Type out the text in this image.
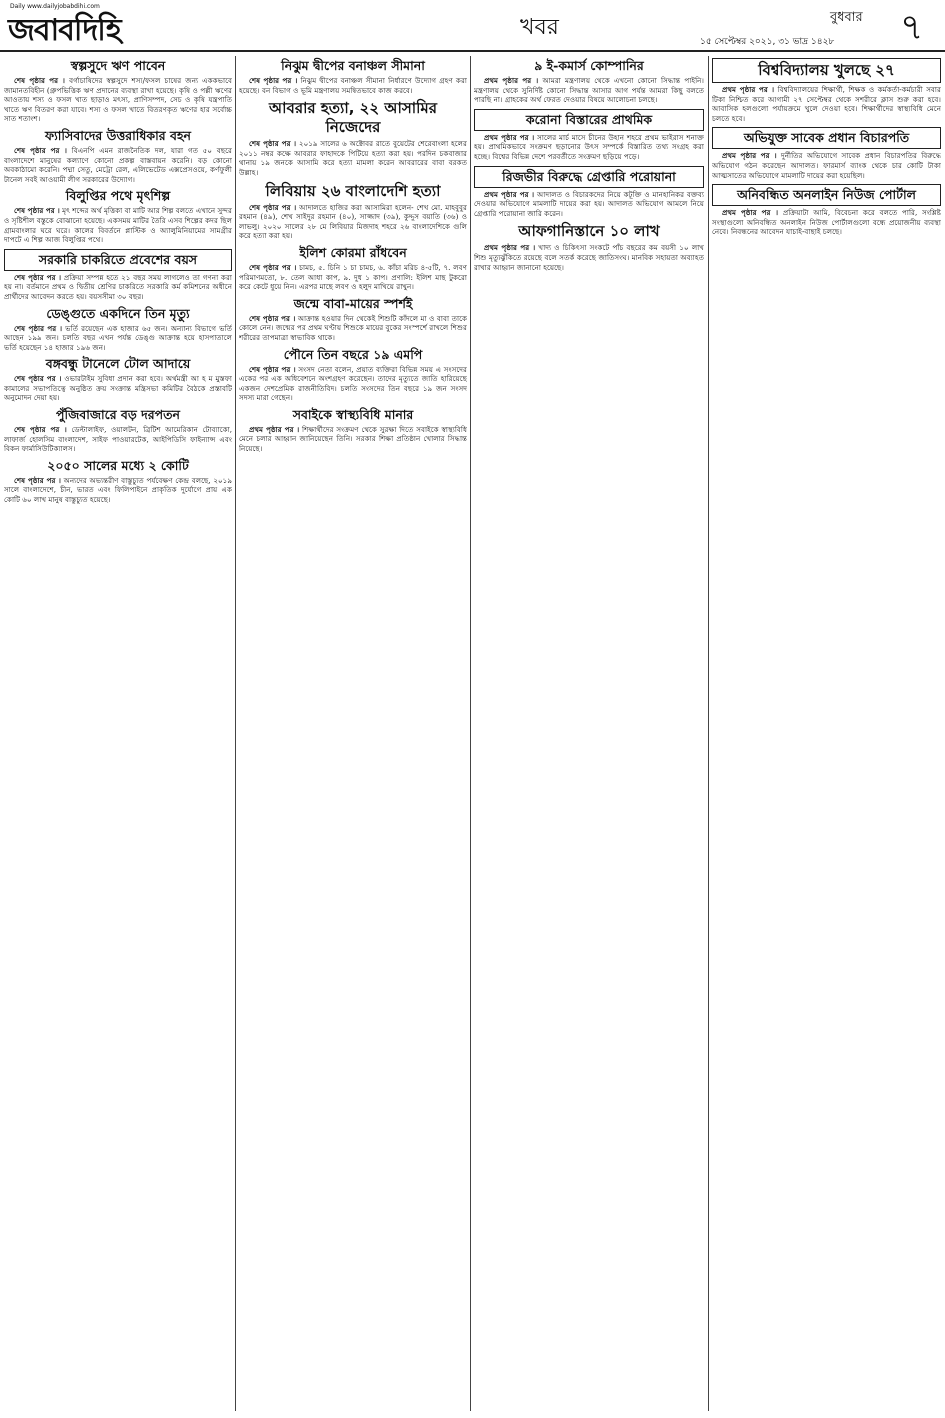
Daily www.dailyjobabdihi.com
জবাবদিহি	খবর	বুধবার ৭
১৫ সেপ্টেম্বর ২০২১, ৩১ ভাদ্র ১৪২৮
স্বল্পসুদে ঋণ পাবেন

শেষ পৃষ্ঠার পর । বর্গাচাষিদের স্বল্পসুদে শস্য/ফসল চাষের জন্য এককভাবে জামানতবিহীন (গ্রুপভিত্তিক ঋণ প্রদানের ব্যবস্থা রাখা হয়েছে। কৃষি ও পল্লী ঋণের আওতায় শস্য ও ফসল খাত ছাড়াও মৎস্য, প্রাণিসম্পদ, সেচ ও কৃষি যন্ত্রপাতি খাতে ঋণ বিতরণ করা যাবে। শস্য ও ফসল খাতে বিতরণকৃত ঋণের হার সর্বোচ্চ সাত শতাংশ।

ফ্যাসিবাদের উত্তরাধিকার বহন

শেষ পৃষ্ঠার পর । বিএনপি এমন রাজনৈতিক দল, যারা গত ৫০ বছরে বাংলাদেশে মানুষের কল্যাণে কোনো প্রকল্প বাস্তবায়ন করেনি। বড় কোনো অবকাঠামো করেনি। পদ্মা সেতু, মেট্রো রেল, এলিভেটেড এক্সপ্রেসওয়ে, কর্ণফুলী টানেল সবই আওয়ামী লীগ সরকারের উদ্যোগ।

বিলুপ্তির পথে মৃৎশিল্প

শেষ পৃষ্ঠার পর । মৃৎ শব্দের অর্থ মৃত্তিকা বা মাটি আর শিল্প বলতে এখানে সুন্দর ও সৃষ্টিশীল বস্তুকে বোঝানো হয়েছে। একসময় মাটির তৈরি এসব শিল্পের কদর ছিল গ্রামবাংলার ঘরে ঘরে। কালের বিবর্তনে প্লাস্টিক ও অ্যালুমিনিয়ামের সামগ্রীর দাপটে এ শিল্প আজ বিলুপ্তির পথে।

সরকারি চাকরিতে প্রবেশের বয়স

শেষ পৃষ্ঠার পর । প্রক্রিয়া সম্পন্ন হতে ২১ বছর সময় লাগলেও তা গণনা করা হয় না। বর্তমানে প্রথম ও দ্বিতীয় শ্রেণির চাকরিতে সরকারি কর্ম কমিশনের অধীনে প্রার্থীদের আবেদন করতে হয়। বয়সসীমা ৩০ বছর।

ডেঙ্গুতে একদিনে তিন মৃত্যু

শেষ পৃষ্ঠার পর । ভর্তি রয়েছেন এক হাজার ৬৫ জন। অন্যান্য বিভাগে ভর্তি আছেন ১৯৯ জন। চলতি বছর এখন পর্যন্ত ডেঙ্গু আক্রান্ত হয়ে হাসপাতালে ভর্তি হয়েছেন ১৪ হাজার ১৯৬ জন।

বঙ্গবন্ধু টানেলে টোল আদায়ে

শেষ পৃষ্ঠার পর । ওভারটাইম সুবিধা প্রদান করা হবে। অর্থমন্ত্রী আ হ ম মুস্তফা কামালের সভাপতিত্বে অনুষ্ঠিত ক্রয় সংক্রান্ত মন্ত্রিসভা কমিটির বৈঠকে প্রস্তাবটি অনুমোদন দেয়া হয়।

পুঁজিবাজারে বড় দরপতন

শেষ পৃষ্ঠার পর । ডেল্টালাইফ, ওয়ালটন, ব্রিটিশ আমেরিকান টোব্যাকো, লাফার্জ হোলসিম বাংলাদেশ, সাইফ পাওয়ারটেক, আইপিডিসি ফাইন্যান্স এবং বিকন ফার্মাসিউটিক্যালস।

২০৫০ সালের মধ্যে ২ কোটি

শেষ পৃষ্ঠার পর । অন্যদের অভ্যন্তরীণ বাস্তুচ্যুত পর্যবেক্ষণ কেন্দ্র বলছে, ২০১৯ সালে বাংলাদেশে, চীন, ভারত এবং ফিলিপাইনে প্রাকৃতিক দুর্যোগে প্রায় এক কোটি ৬০ লাখ মানুষ বাস্তুচ্যুত হয়েছে।

নিঝুম দ্বীপের বনাঞ্চল সীমানা

শেষ পৃষ্ঠার পর । নিঝুম দ্বীপের বনাঞ্চল সীমানা নির্ধারণে উদ্যোগ গ্রহণ করা হয়েছে। বন বিভাগ ও ভূমি মন্ত্রণালয় সমন্বিতভাবে কাজ করবে।

আবরার হত্যা, ২২ আসামির নিজেদের

শেষ পৃষ্ঠার পর । ২০১৯ সালের ৬ অক্টোবর রাতে বুয়েটের শেরেবাংলা হলের ২০১১ নম্বর কক্ষে আবরার ফাহাদকে পিটিয়ে হত্যা করা হয়। পরদিন চকবাজার থানায় ১৯ জনকে আসামি করে হত্যা মামলা করেন আবরারের বাবা বরকত উল্লাহ।

লিবিয়ায় ২৬ বাংলাদেশি হত্যা

শেষ পৃষ্ঠার পর । আদালতে হাজির করা আসামিরা হলেন- শেখ মো. মাহবুবুর রহমান (৪৯), শেখ সাইদুর রহমান (৪০), সাজ্জাদ (৩৯), কুদ্দুস বয়াতি (৩৬) ও লাভলু। ২০২০ সালের ২৮ মে লিবিয়ার মিজদাহ শহরে ২৬ বাংলাদেশিকে গুলি করে হত্যা করা হয়।

ইলিশ কোরমা রাঁধবেন

শেষ পৃষ্ঠার পর । চামচ, ৫. চিনি ১ চা চামচ, ৬. কাঁচা মরিচ ৪-৫টি, ৭. লবণ পরিমাণমতো, ৮. তেল আধা কাপ, ৯. দুধ ১ কাপ। প্রণালি: ইলিশ মাছ টুকরো করে কেটে ধুয়ে নিন। এরপর মাছে লবণ ও হলুদ মাখিয়ে রাখুন।

জন্মে বাবা-মায়ের স্পর্শই

শেষ পৃষ্ঠার পর । আক্রান্ত হওয়ার দিন থেকেই শিশুটি কাঁদলে মা ও বাবা তাকে কোলে নেন। জন্মের পর প্রথম ঘণ্টায় শিশুকে মায়ের বুকের সংস্পর্শে রাখলে শিশুর শরীরের তাপমাত্রা স্বাভাবিক থাকে।

পৌনে তিন বছরে ১৯ এমপি

শেষ পৃষ্ঠার পর । সংসদ নেতা বলেন, প্রয়াত ব্যক্তিরা বিভিন্ন সময় এ সংসদের একের পর এক অধিবেশনে অংশগ্রহণ করেছেন। তাদের মৃত্যুতে জাতি হারিয়েছে একজন দেশপ্রেমিক রাজনীতিবিদ। চলতি সংসদের তিন বছরে ১৯ জন সংসদ সদস্য মারা গেছেন।

সবাইকে স্বাস্থ্যবিধি মানার

প্রথম পৃষ্ঠার পর । শিক্ষার্থীদের সংক্রমণ থেকে সুরক্ষা দিতে সবাইকে স্বাস্থ্যবিধি মেনে চলার আহ্বান জানিয়েছেন তিনি। সরকার শিক্ষা প্রতিষ্ঠান খোলার সিদ্ধান্ত নিয়েছে।

৯ ই-কমার্স কোম্পানির

প্রথম পৃষ্ঠার পর । আমরা মন্ত্রণালয় থেকে এখনো কোনো সিদ্ধান্ত পাইনি। মন্ত্রণালয় থেকে সুনির্দিষ্ট কোনো সিদ্ধান্ত আসার আগ পর্যন্ত আমরা কিছু বলতে পারছি না। গ্রাহকের অর্থ ফেরত দেওয়ার বিষয়ে আলোচনা চলছে।

করোনা বিস্তারের প্রাথমিক

প্রথম পৃষ্ঠার পর । সালের মার্চ মাসে চীনের উহান শহরে প্রথম ভাইরাস শনাক্ত হয়। প্রাথমিকভাবে সংক্রমণ ছড়ানোর উৎস সম্পর্কে বিস্তারিত তথ্য সংগ্রহ করা হচ্ছে। বিশ্বের বিভিন্ন দেশে পরবর্তীতে সংক্রমণ ছড়িয়ে পড়ে।

রিজভীর বিরুদ্ধে গ্রেপ্তারি পরোয়ানা

প্রথম পৃষ্ঠার পর । আদালত ও বিচারকদের নিয়ে কটূক্তি ও মানহানিকর বক্তব্য দেওয়ার অভিযোগে মামলাটি দায়ের করা হয়। আদালত অভিযোগ আমলে নিয়ে গ্রেপ্তারি পরোয়ানা জারি করেন।

আফগানিস্তানে ১০ লাখ

প্রথম পৃষ্ঠার পর । খাদ্য ও চিকিৎসা সংকটে পাঁচ বছরের কম বয়সী ১০ লাখ শিশু মৃত্যুঝুঁকিতে রয়েছে বলে সতর্ক করেছে জাতিসংঘ। মানবিক সহায়তা অব্যাহত রাখার আহ্বান জানানো হয়েছে।

বিশ্ববিদ্যালয় খুলছে ২৭

প্রথম পৃষ্ঠার পর । বিশ্ববিদ্যালয়ের শিক্ষার্থী, শিক্ষক ও কর্মকর্তা-কর্মচারী সবার টিকা নিশ্চিত করে আগামী ২৭ সেপ্টেম্বর থেকে সশরীরে ক্লাস শুরু করা হবে। আবাসিক হলগুলো পর্যায়ক্রমে খুলে দেওয়া হবে। শিক্ষার্থীদের স্বাস্থ্যবিধি মেনে চলতে হবে।

অভিযুক্ত সাবেক প্রধান বিচারপতি

প্রথম পৃষ্ঠার পর । দুর্নীতির অভিযোগে সাবেক প্রধান বিচারপতির বিরুদ্ধে অভিযোগ গঠন করেছেন আদালত। ফারমার্স ব্যাংক থেকে চার কোটি টাকা আত্মসাতের অভিযোগে মামলাটি দায়ের করা হয়েছিল।

অনিবন্ধিত অনলাইন নিউজ পোর্টাল

প্রথম পৃষ্ঠার পর । প্রক্রিয়াটা আমি, বিবেচনা করে বলতে পারি, সংশ্লিষ্ট সংস্থাগুলো অনিবন্ধিত অনলাইন নিউজ পোর্টালগুলো বন্ধে প্রয়োজনীয় ব্যবস্থা নেবে। নিবন্ধনের আবেদন যাচাই-বাছাই চলছে।
